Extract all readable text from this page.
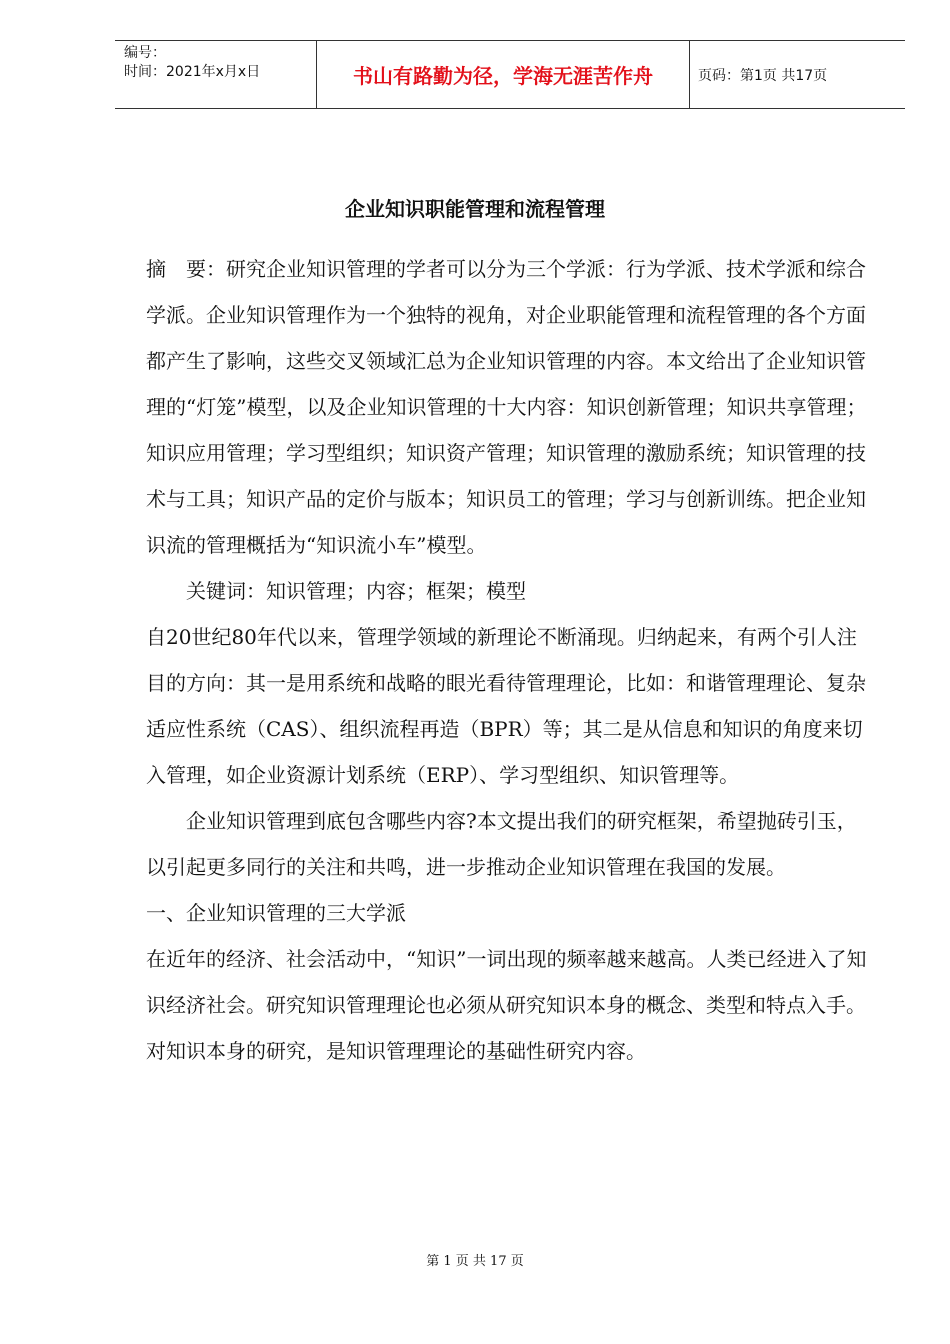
编号：
时间：2021年x月x日	书山有路勤为径，学海无涯苦作舟	页码：第1页 共17页
企业知识职能管理和流程管理

摘　要：研究企业知识管理的学者可以分为三个学派：行为学派、技术学派和综合学派。企业知识管理作为一个独特的视角，对企业职能管理和流程管理的各个方面都产生了影响，这些交叉领域汇总为企业知识管理的内容。本文给出了企业知识管理的“灯笼”模型，以及企业知识管理的十大内容：知识创新管理；知识共享管理；知识应用管理；学习型组织；知识资产管理；知识管理的激励系统；知识管理的技术与工具；知识产品的定价与版本；知识员工的管理；学习与创新训练。把企业知识流的管理概括为“知识流小车”模型。

关键词：知识管理；内容；框架；模型

自20世纪80年代以来，管理学领域的新理论不断涌现。归纳起来，有两个引人注目的方向：其一是用系统和战略的眼光看待管理理论，比如：和谐管理理论、复杂适应性系统（CAS）、组织流程再造（BPR）等；其二是从信息和知识的角度来切入管理，如企业资源计划系统（ERP）、学习型组织、知识管理等。

企业知识管理到底包含哪些内容?本文提出我们的研究框架，希望抛砖引玉，以引起更多同行的关注和共鸣，进一步推动企业知识管理在我国的发展。

一、企业知识管理的三大学派

在近年的经济、社会活动中，“知识”一词出现的频率越来越高。人类已经进入了知识经济社会。研究知识管理理论也必须从研究知识本身的概念、类型和特点入手。对知识本身的研究，是知识管理理论的基础性研究内容。

第 1 页 共 17 页
